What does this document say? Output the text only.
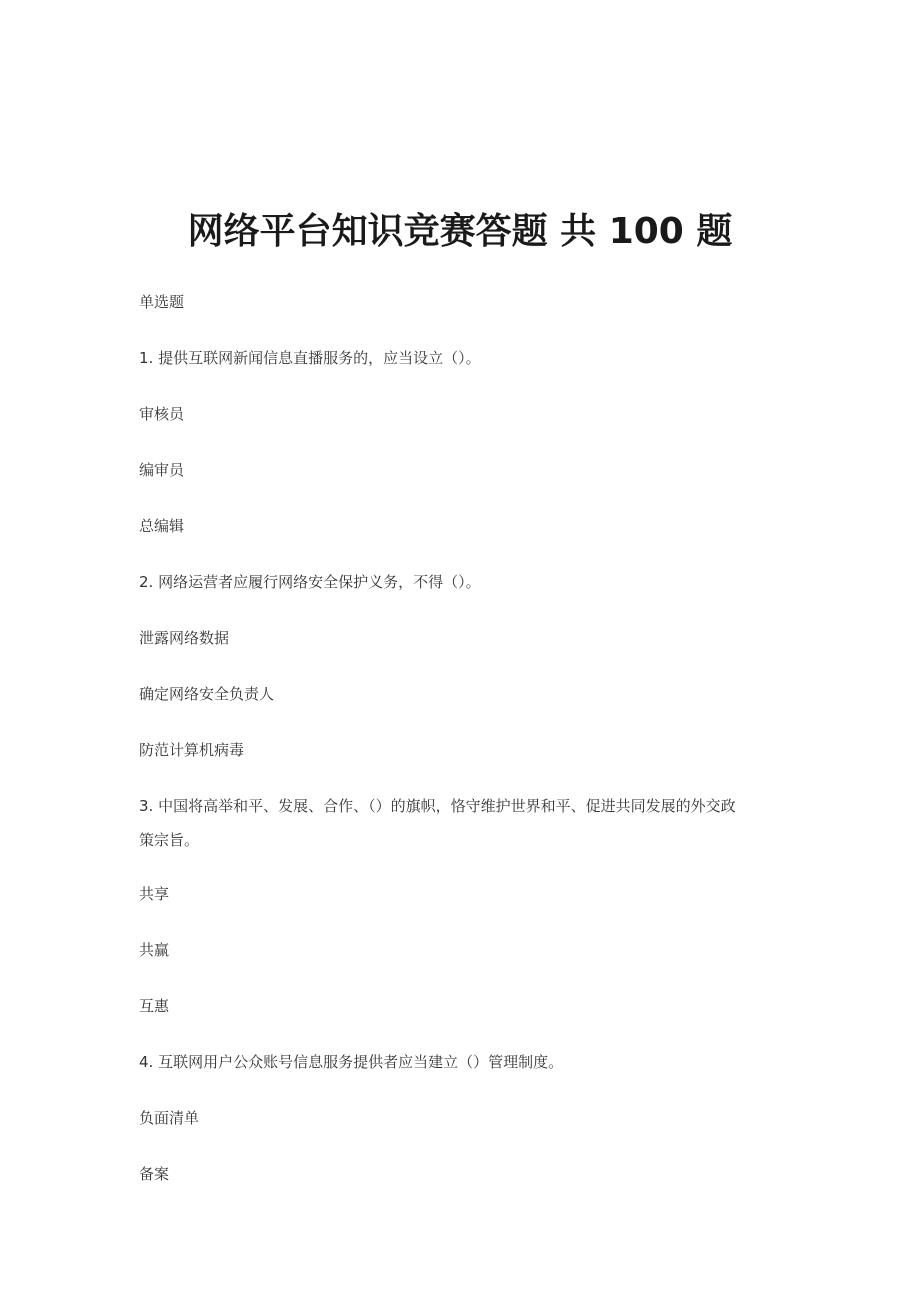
网络平台知识竞赛答题 共 100 题

单选题

1. 提供互联网新闻信息直播服务的，应当设立（）。

审核员

编审员

总编辑

2. 网络运营者应履行网络安全保护义务，不得（）。

泄露网络数据

确定网络安全负责人

防范计算机病毒

3. 中国将高举和平、发展、合作、（）的旗帜，恪守维护世界和平、促进共同发展的外交政

策宗旨。

共享

共赢

互惠

4. 互联网用户公众账号信息服务提供者应当建立（）管理制度。

负面清单

备案
